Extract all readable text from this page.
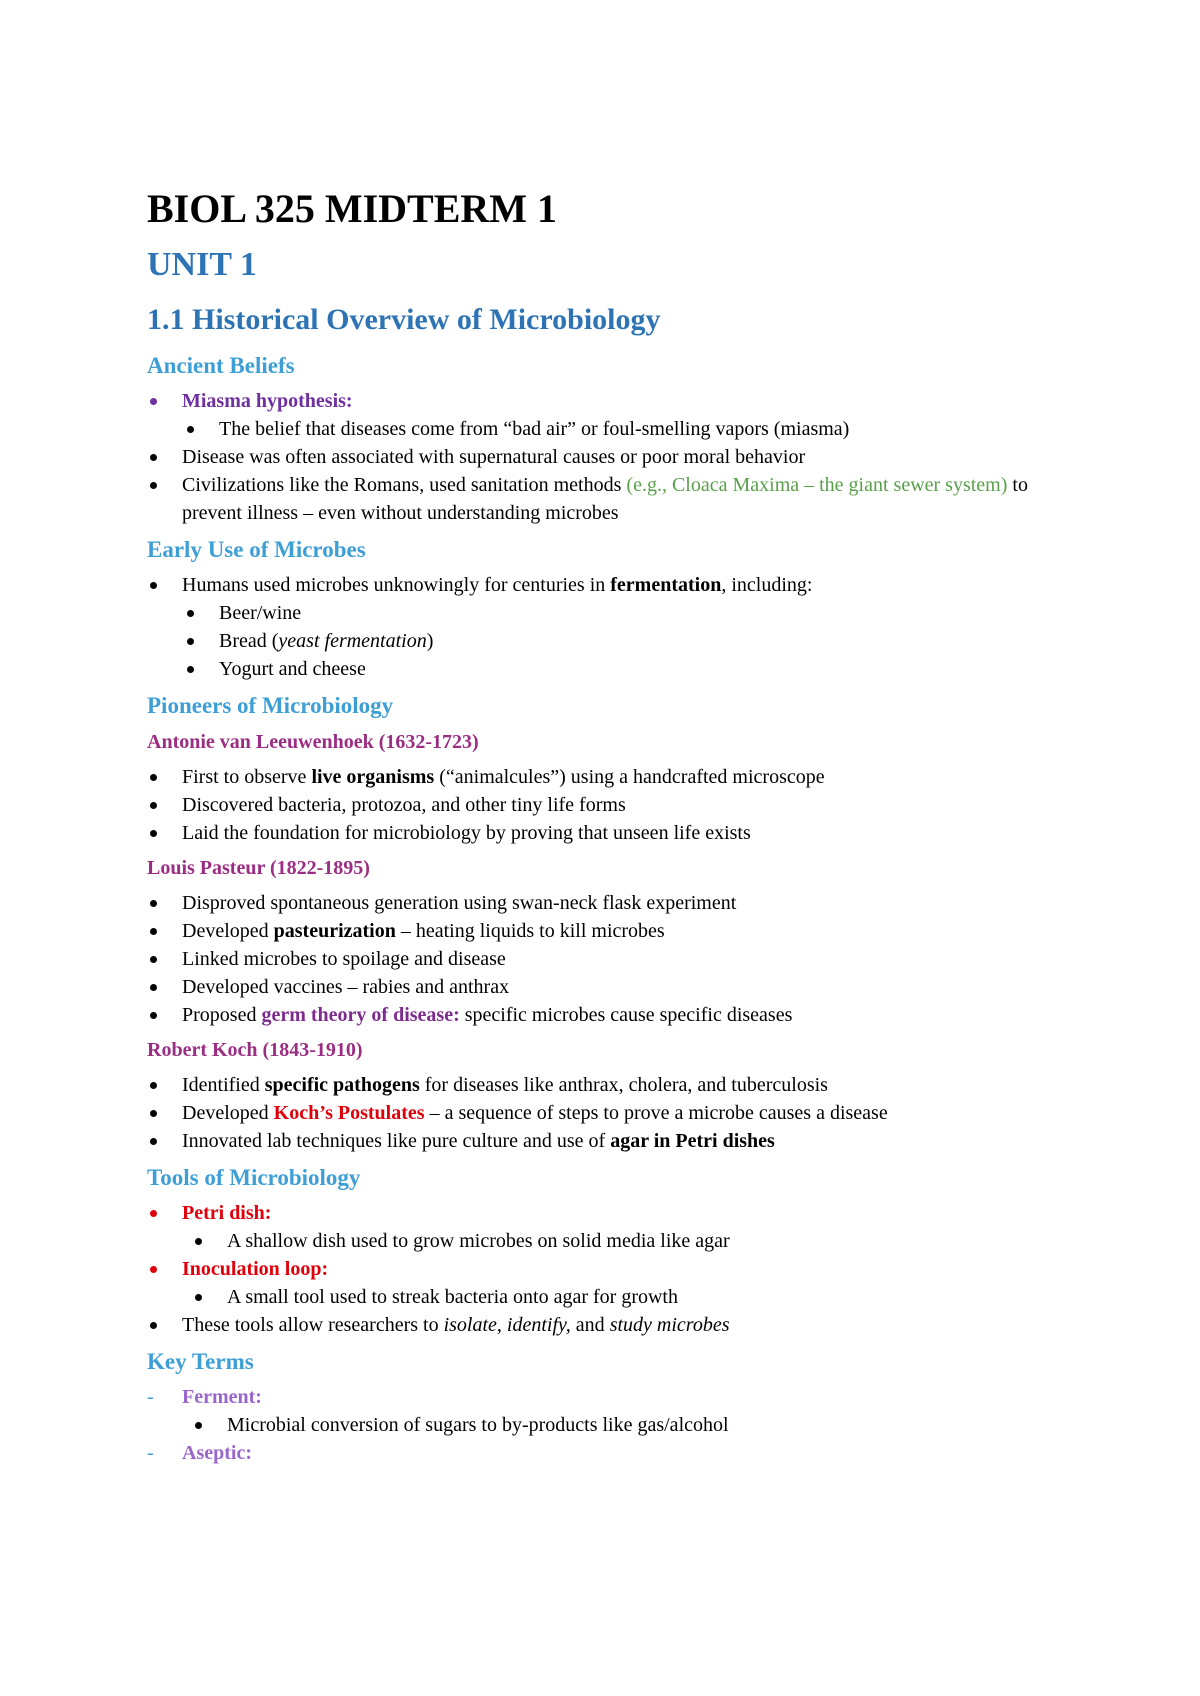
BIOL 325 MIDTERM 1
UNIT 1
1.1 Historical Overview of Microbiology
Ancient Beliefs
Miasma hypothesis:
The belief that diseases come from “bad air” or foul-smelling vapors (miasma)
Disease was often associated with supernatural causes or poor moral behavior
Civilizations like the Romans, used sanitation methods (e.g., Cloaca Maxima – the giant sewer system) to prevent illness – even without understanding microbes
Early Use of Microbes
Humans used microbes unknowingly for centuries in fermentation, including:
Beer/wine
Bread (yeast fermentation)
Yogurt and cheese
Pioneers of Microbiology
Antonie van Leeuwenhoek (1632-1723)
First to observe live organisms (“animalcules”) using a handcrafted microscope
Discovered bacteria, protozoa, and other tiny life forms
Laid the foundation for microbiology by proving that unseen life exists
Louis Pasteur (1822-1895)
Disproved spontaneous generation using swan-neck flask experiment
Developed pasteurization – heating liquids to kill microbes
Linked microbes to spoilage and disease
Developed vaccines – rabies and anthrax
Proposed germ theory of disease: specific microbes cause specific diseases
Robert Koch (1843-1910)
Identified specific pathogens for diseases like anthrax, cholera, and tuberculosis
Developed Koch’s Postulates – a sequence of steps to prove a microbe causes a disease
Innovated lab techniques like pure culture and use of agar in Petri dishes
Tools of Microbiology
Petri dish:
A shallow dish used to grow microbes on solid media like agar
Inoculation loop:
A small tool used to streak bacteria onto agar for growth
These tools allow researchers to isolate, identify, and study microbes
Key Terms
- Ferment:
Microbial conversion of sugars to by-products like gas/alcohol
- Aseptic:
